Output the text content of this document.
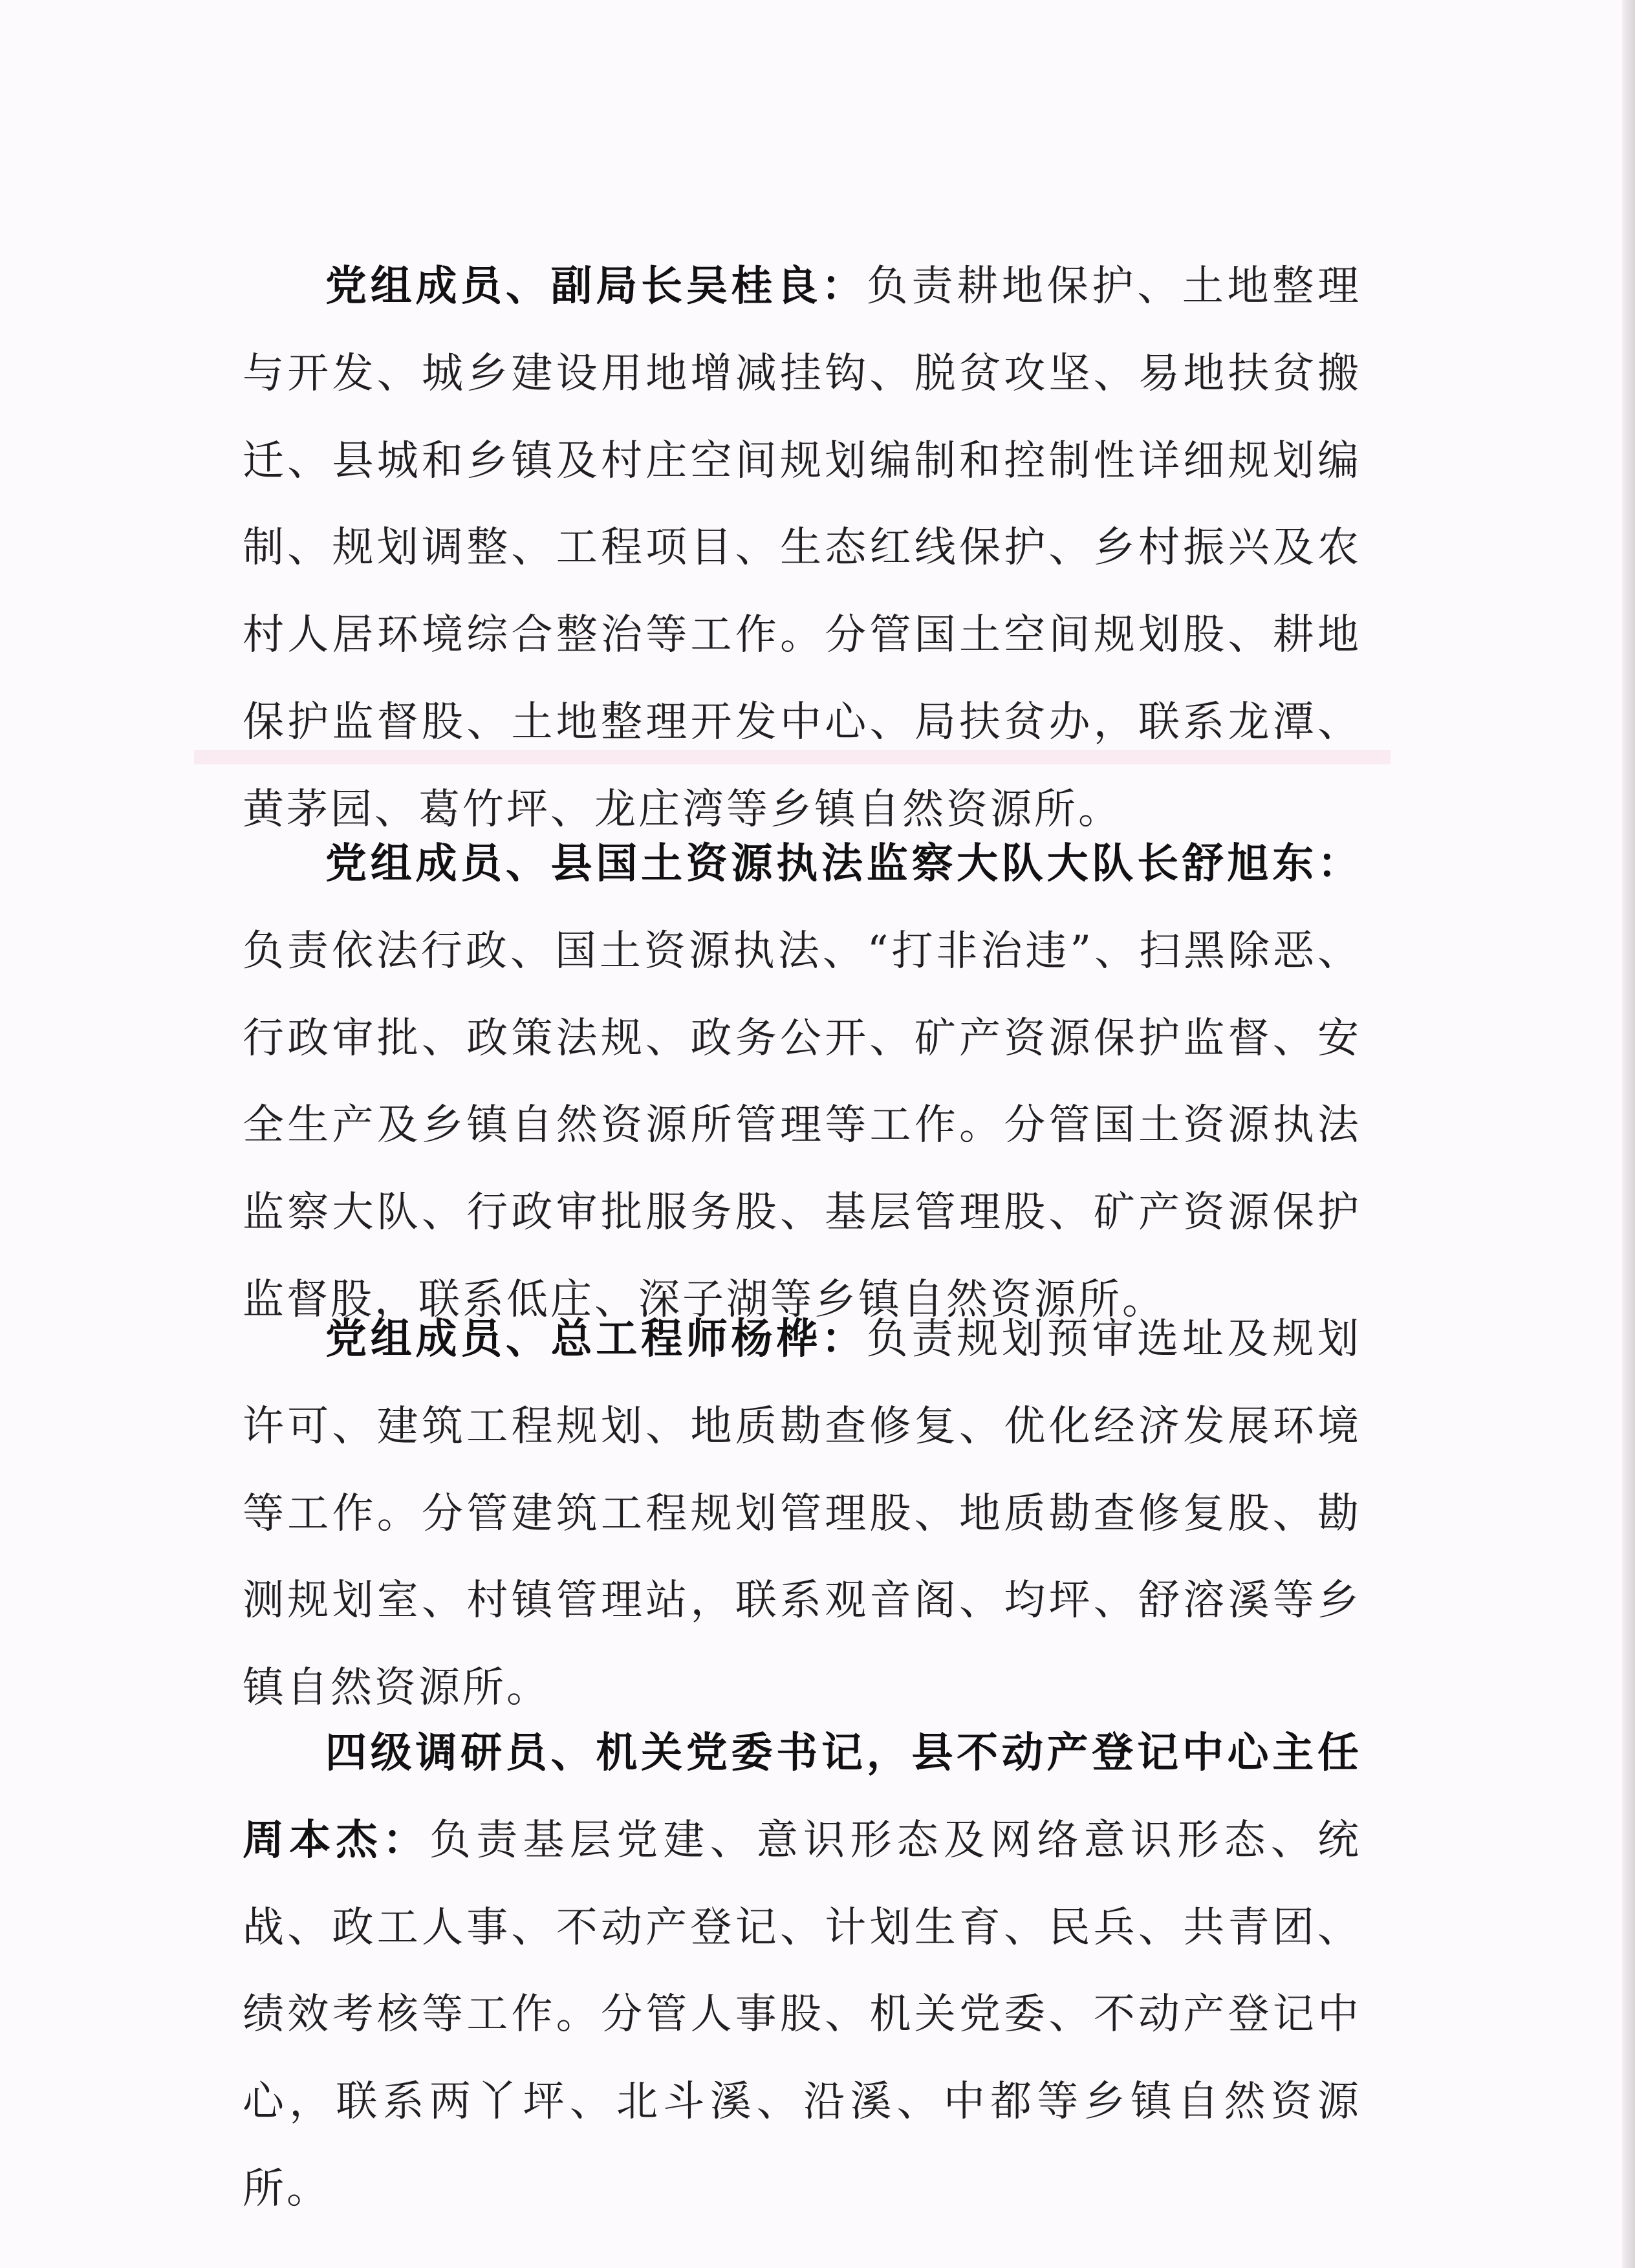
党组成员、副局长吴桂良：负责耕地保护、土地整理与开发、城乡建设用地增减挂钩、脱贫攻坚、易地扶贫搬迁、县城和乡镇及村庄空间规划编制和控制性详细规划编制、规划调整、工程项目、生态红线保护、乡村振兴及农村人居环境综合整治等工作。分管国土空间规划股、耕地保护监督股、土地整理开发中心、局扶贫办，联系龙潭、黄茅园、葛竹坪、龙庄湾等乡镇自然资源所。

党组成员、县国土资源执法监察大队大队长舒旭东：负责依法行政、国土资源执法、“打非治违”、扫黑除恶、行政审批、政策法规、政务公开、矿产资源保护监督、安全生产及乡镇自然资源所管理等工作。分管国土资源执法监察大队、行政审批服务股、基层管理股、矿产资源保护监督股，联系低庄、深子湖等乡镇自然资源所。

党组成员、总工程师杨桦：负责规划预审选址及规划许可、建筑工程规划、地质勘查修复、优化经济发展环境等工作。分管建筑工程规划管理股、地质勘查修复股、勘测规划室、村镇管理站，联系观音阁、均坪、舒溶溪等乡镇自然资源所。

四级调研员、机关党委书记，县不动产登记中心主任周本杰：负责基层党建、意识形态及网络意识形态、统战、政工人事、不动产登记、计划生育、民兵、共青团、绩效考核等工作。分管人事股、机关党委、不动产登记中心，联系两丫坪、北斗溪、沿溪、中都等乡镇自然资源所。
